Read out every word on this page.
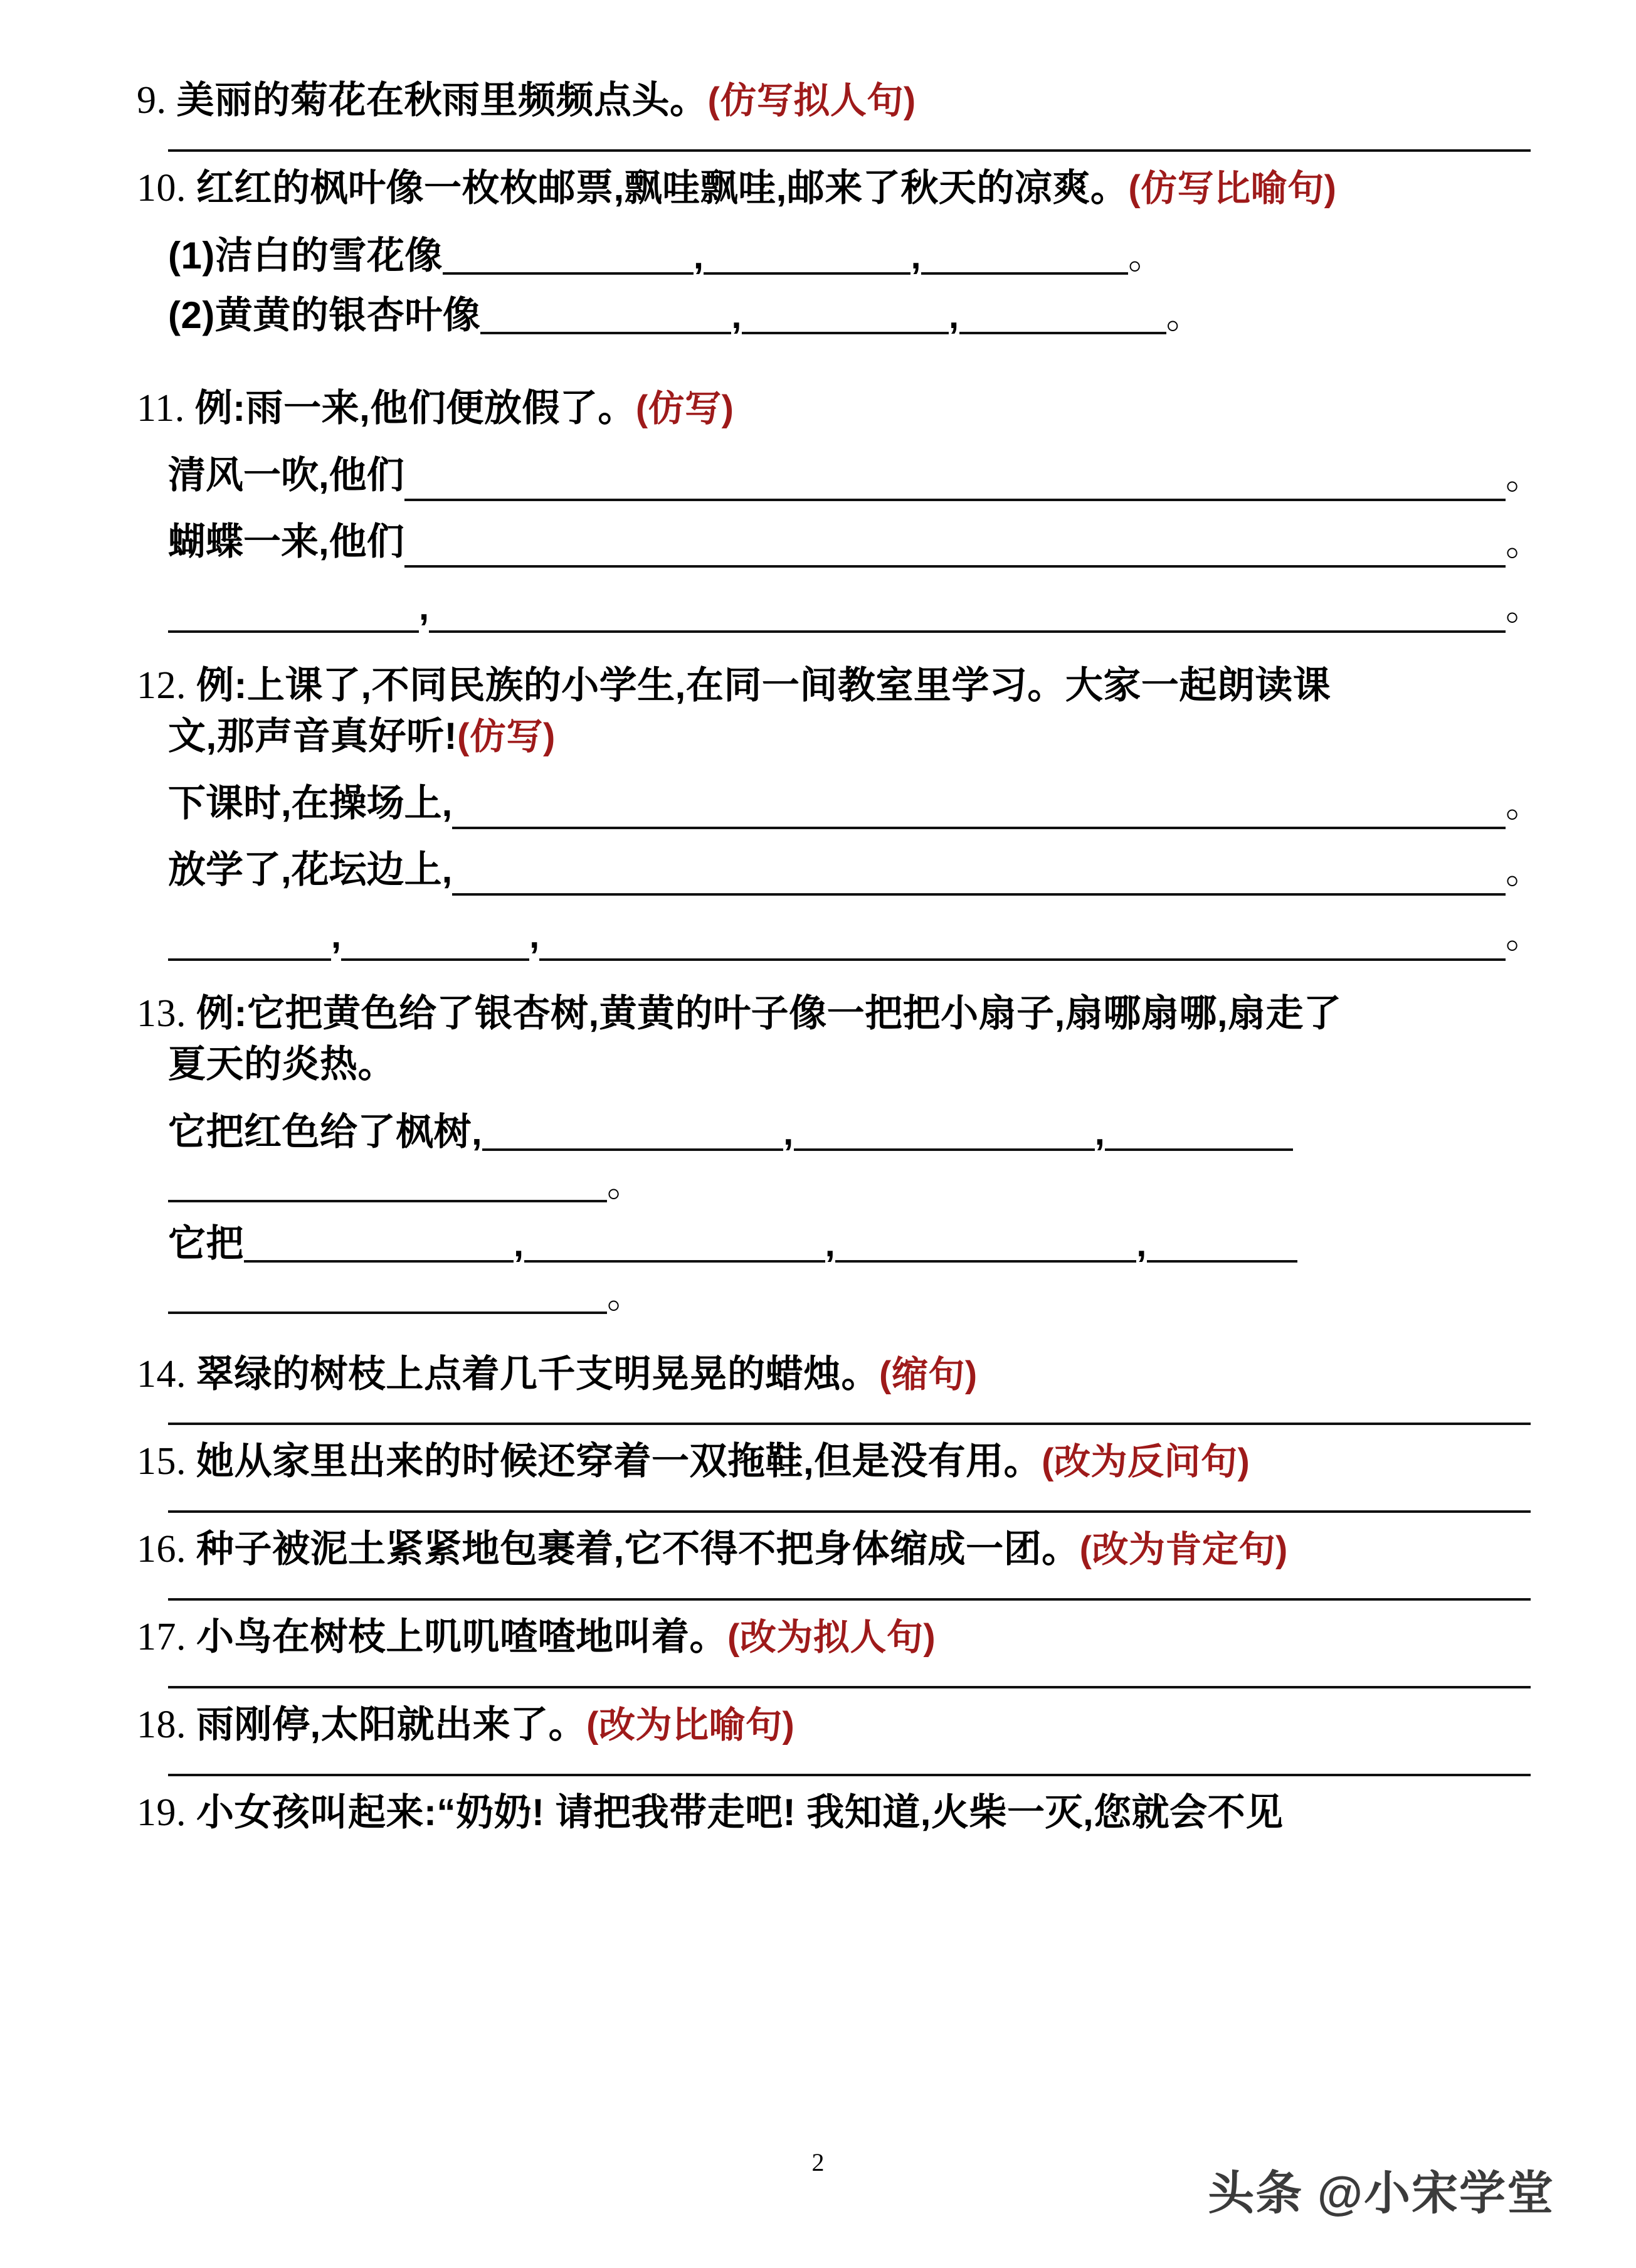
9. 美丽的菊花在秋雨里频频点头。(仿写拟人句)
10. 红红的枫叶像一枚枚邮票,飘哇飘哇,邮来了秋天的凉爽。(仿写比喻句)
(1)洁白的雪花像	,	,	。
(2)黄黄的银杏叶像	,	,	。
11. 例:雨一来,他们便放假了。(仿写)
清风一吹,他们	。
蝴蝶一来,他们	。
,	。
12. 例:上课了,不同民族的小学生,在同一间教室里学习。大家一起朗读课
文,那声音真好听!(仿写)
下课时,在操场上,	。
放学了,花坛边上,	。
,	,	。
13. 例:它把黄色给了银杏树,黄黄的叶子像一把把小扇子,扇哪扇哪,扇走了
夏天的炎热。
它把红色给了枫树,	,	,
。
它把	,	,	,
。
14. 翠绿的树枝上点着几千支明晃晃的蜡烛。(缩句)
15. 她从家里出来的时候还穿着一双拖鞋,但是没有用。(改为反问句)
16. 种子被泥土紧紧地包裹着,它不得不把身体缩成一团。(改为肯定句)
17. 小鸟在树枝上叽叽喳喳地叫着。(改为拟人句)
18. 雨刚停,太阳就出来了。(改为比喻句)
19. 小女孩叫起来:“奶奶! 请把我带走吧! 我知道,火柴一灭,您就会不见
2
头条 @小宋学堂
